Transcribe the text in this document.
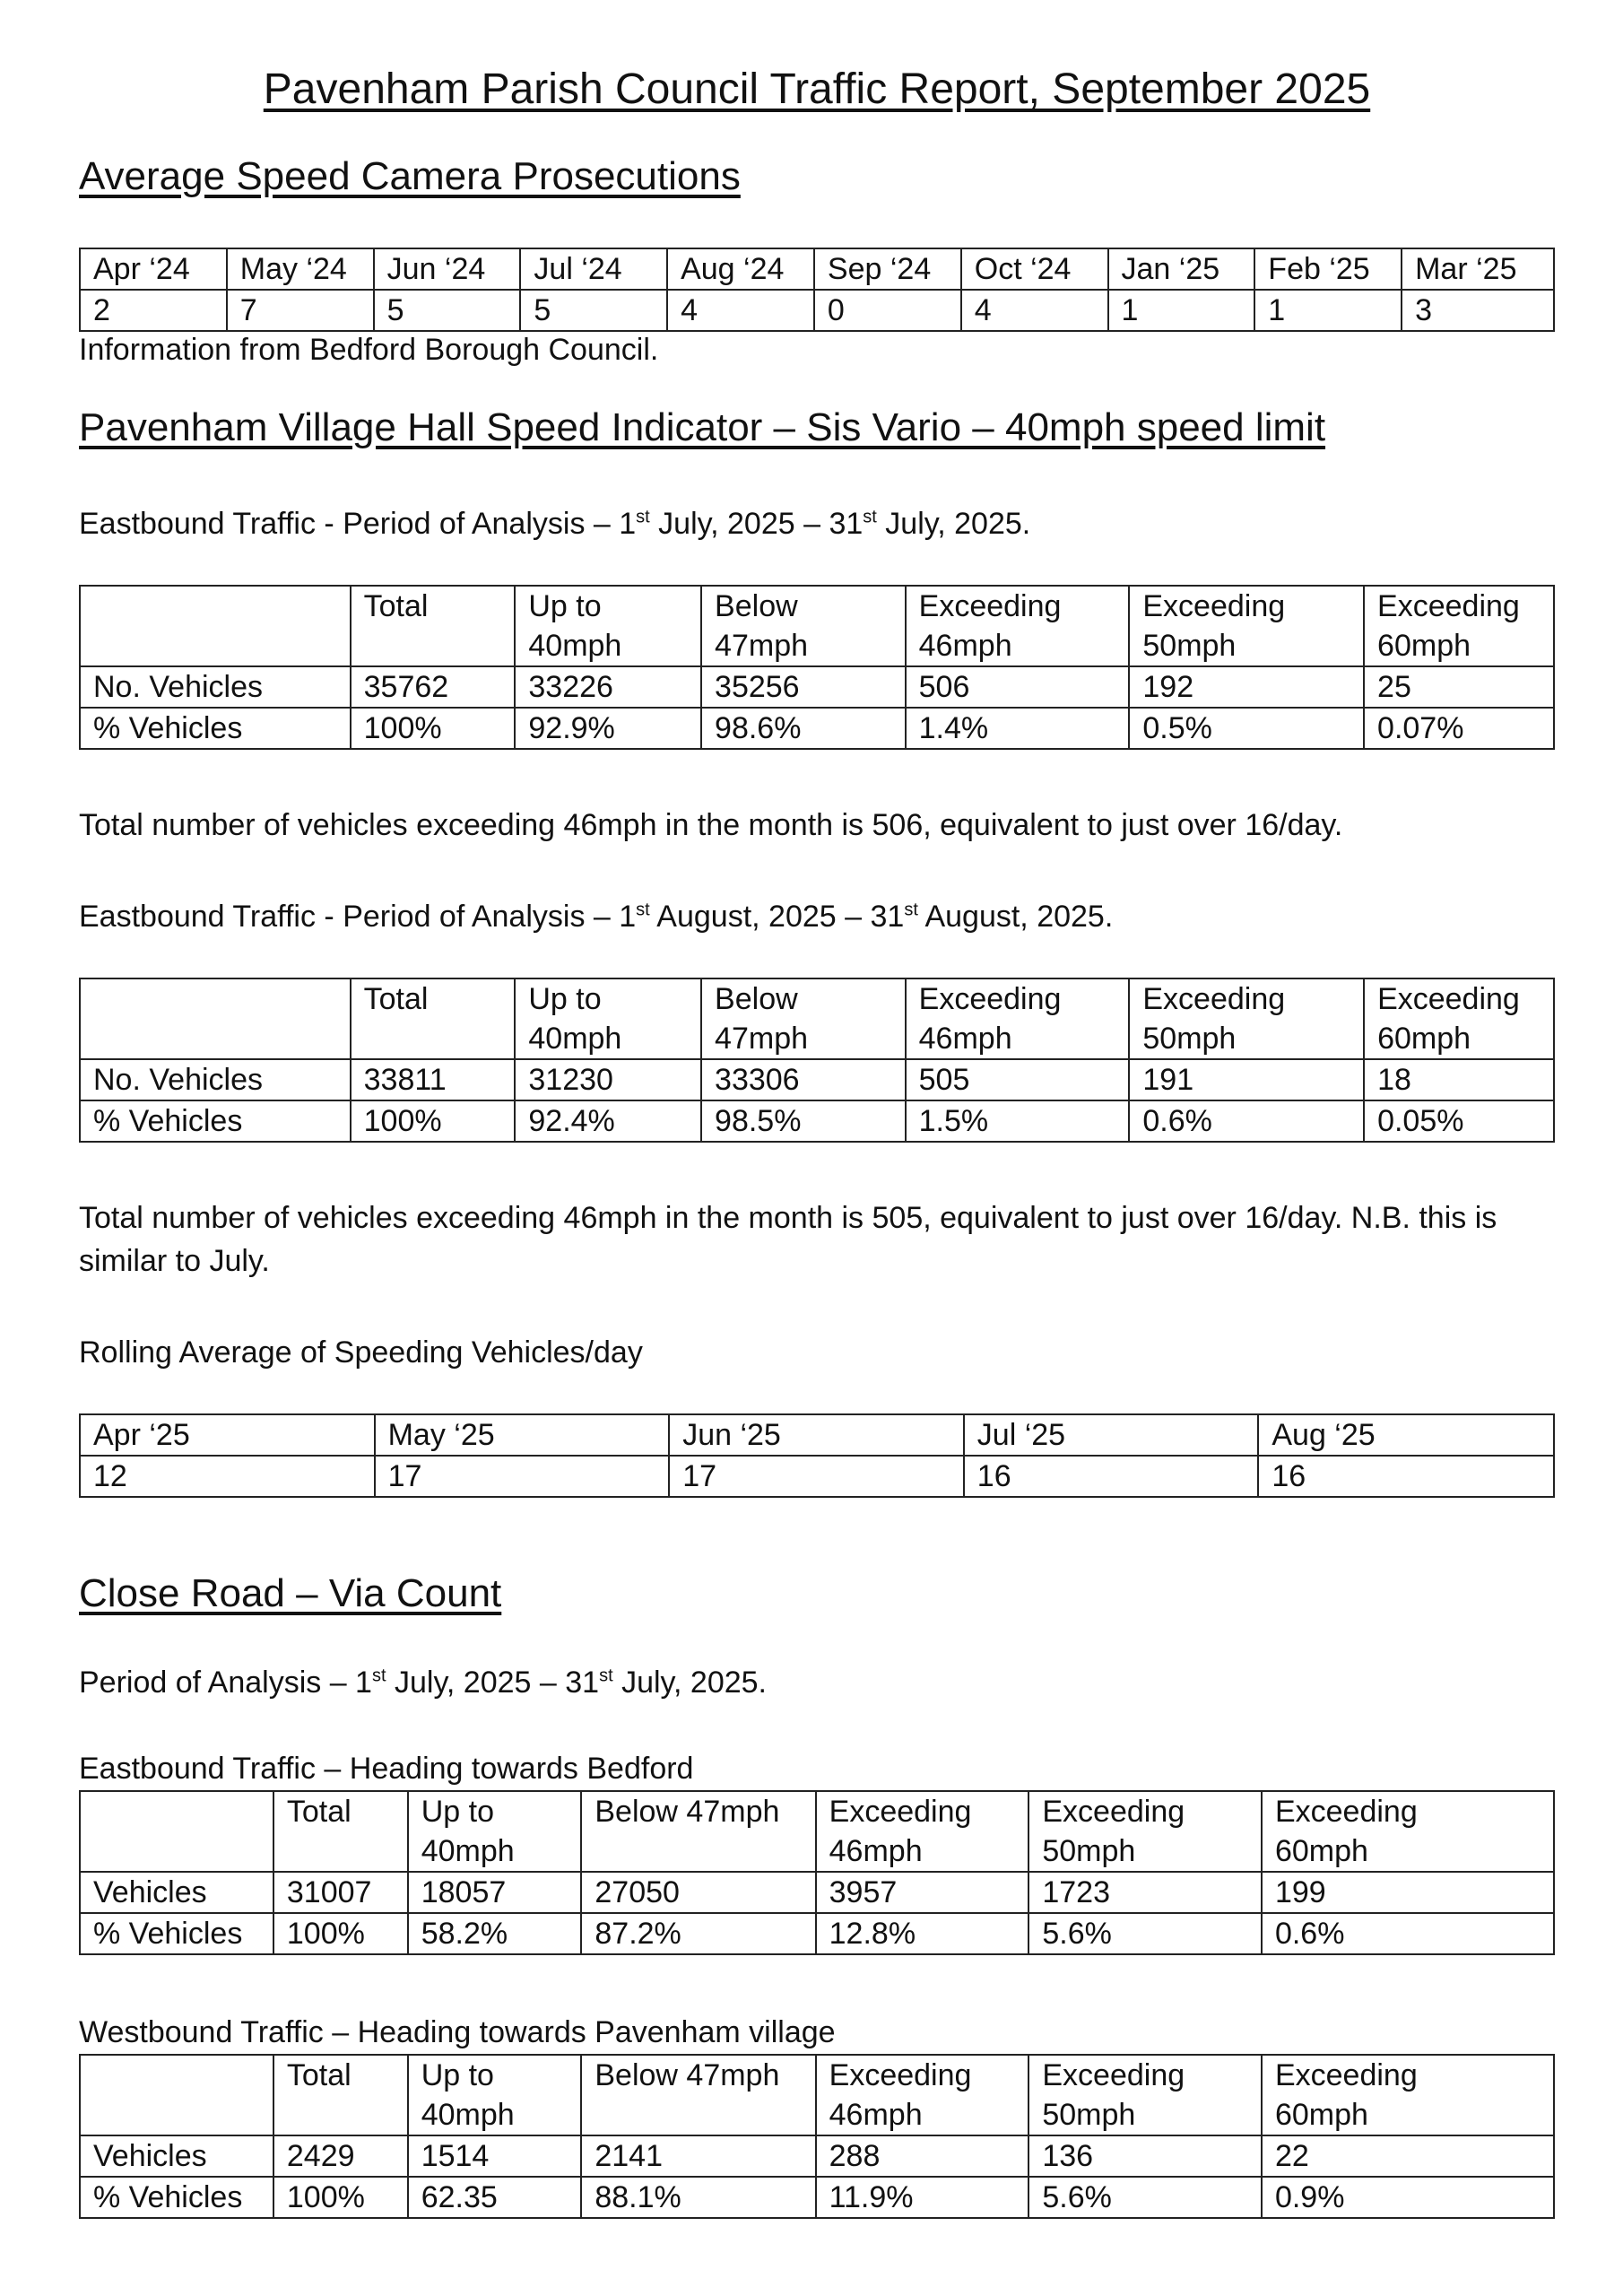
Pavenham Parish Council Traffic Report, September 2025
Average Speed Camera Prosecutions
Apr ‘24	May ‘24	Jun ‘24	Jul ‘24	Aug ‘24	Sep ‘24	Oct ‘24	Jan ‘25	Feb ‘25	Mar ‘25
2	7	5	5	4	0	4	1	1	3

Information from Bedford Borough Council.

Pavenham Village Hall Speed Indicator – Sis Vario – 40mph speed limit

Eastbound Traffic - Period of Analysis – 1st July, 2025 – 31st July, 2025.

	Total	Up to 40mph	Below 47mph	Exceeding 46mph	Exceeding 50mph	Exceeding 60mph
No. Vehicles	35762	33226	35256	506	192	25
% Vehicles	100%	92.9%	98.6%	1.4%	0.5%	0.07%

Total number of vehicles exceeding 46mph in the month is 506, equivalent to just over 16/day.

Eastbound Traffic - Period of Analysis – 1st August, 2025 – 31st August, 2025.

	Total	Up to 40mph	Below 47mph	Exceeding 46mph	Exceeding 50mph	Exceeding 60mph
No. Vehicles	33811	31230	33306	505	191	18
% Vehicles	100%	92.4%	98.5%	1.5%	0.6%	0.05%

Total number of vehicles exceeding 46mph in the month is 505, equivalent to just over 16/day. N.B. this is similar to July.

Rolling Average of Speeding Vehicles/day

Apr ‘25	May ‘25	Jun ‘25	Jul ‘25	Aug ‘25
12	17	17	16	16
Close Road – Via Count

Period of Analysis – 1st July, 2025 – 31st July, 2025.

Eastbound Traffic – Heading towards Bedford

	Total	Up to 40mph	Below 47mph	Exceeding 46mph	Exceeding 50mph	Exceeding 60mph
Vehicles	31007	18057	27050	3957	1723	199
% Vehicles	100%	58.2%	87.2%	12.8%	5.6%	0.6%

Westbound Traffic – Heading towards Pavenham village

	Total	Up to 40mph	Below 47mph	Exceeding 46mph	Exceeding 50mph	Exceeding 60mph
Vehicles	2429	1514	2141	288	136	22
% Vehicles	100%	62.35	88.1%	11.9%	5.6%	0.9%
